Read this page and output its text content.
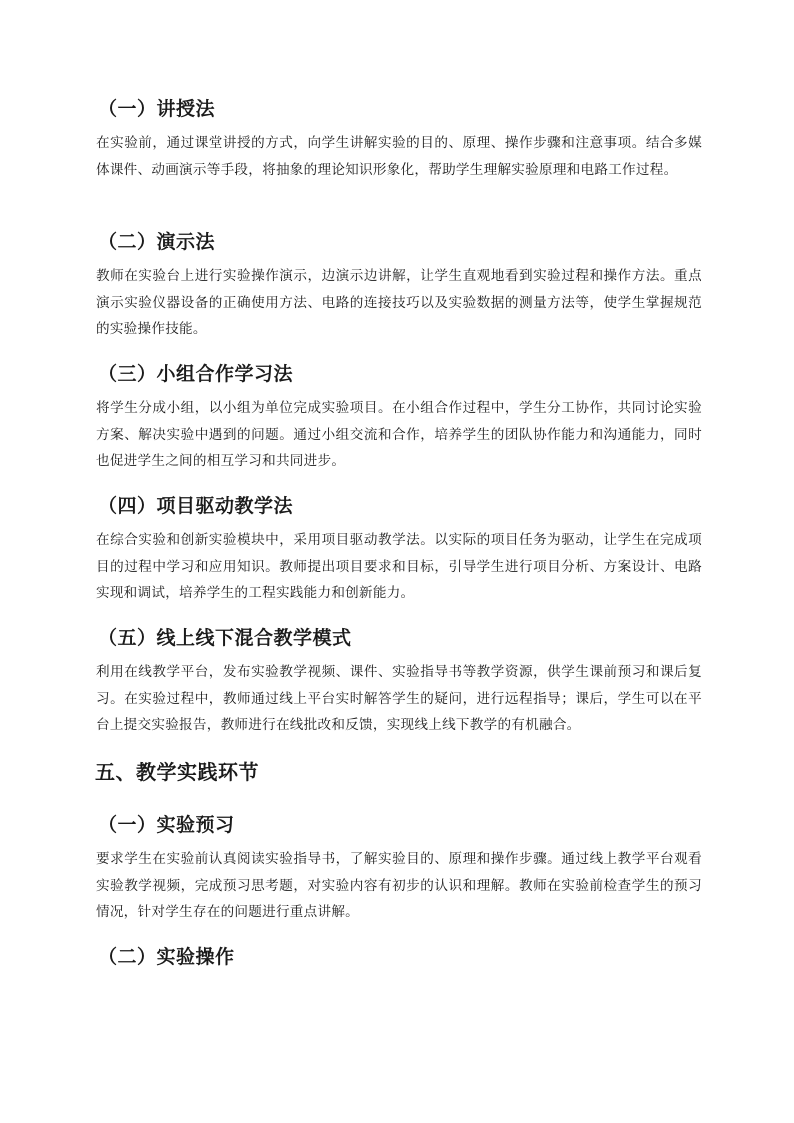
（一）讲授法

在实验前，通过课堂讲授的方式，向学生讲解实验的目的、原理、操作步骤和注意事项。结合多媒体课件、动画演示等手段，将抽象的理论知识形象化，帮助学生理解实验原理和电路工作过程。

（二）演示法

教师在实验台上进行实验操作演示，边演示边讲解，让学生直观地看到实验过程和操作方法。重点演示实验仪器设备的正确使用方法、电路的连接技巧以及实验数据的测量方法等，使学生掌握规范的实验操作技能。

（三）小组合作学习法

将学生分成小组，以小组为单位完成实验项目。在小组合作过程中，学生分工协作，共同讨论实验方案、解决实验中遇到的问题。通过小组交流和合作，培养学生的团队协作能力和沟通能力，同时也促进学生之间的相互学习和共同进步。

（四）项目驱动教学法

在综合实验和创新实验模块中，采用项目驱动教学法。以实际的项目任务为驱动，让学生在完成项目的过程中学习和应用知识。教师提出项目要求和目标，引导学生进行项目分析、方案设计、电路实现和调试，培养学生的工程实践能力和创新能力。

（五）线上线下混合教学模式

利用在线教学平台，发布实验教学视频、课件、实验指导书等教学资源，供学生课前预习和课后复习。在实验过程中，教师通过线上平台实时解答学生的疑问，进行远程指导；课后，学生可以在平台上提交实验报告，教师进行在线批改和反馈，实现线上线下教学的有机融合。

五、教学实践环节
（一）实验预习

要求学生在实验前认真阅读实验指导书，了解实验目的、原理和操作步骤。通过线上教学平台观看实验教学视频，完成预习思考题，对实验内容有初步的认识和理解。教师在实验前检查学生的预习情况，针对学生存在的问题进行重点讲解。

（二）实验操作
